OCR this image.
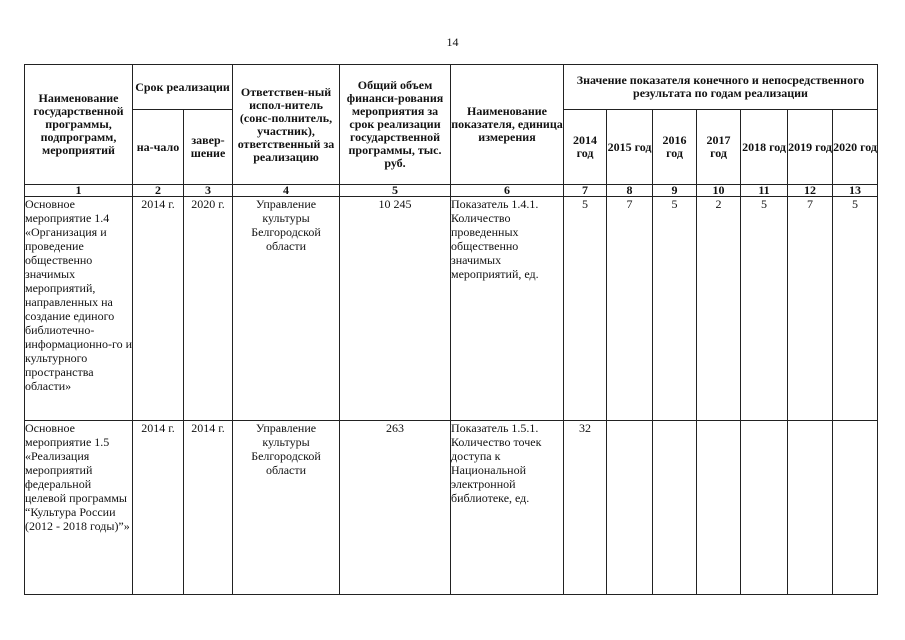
14
Наименование государственной программы, подпрограмм, мероприятий	Срок реализации		Ответствен-ный испол-нитель (сонс-полнитель, участник), ответственный за реализацию	Общий объем финанси-рования мероприятия за срок реализации государственной программы, тыс. руб.	Наименование показателя, единица измерения	Значение показателя конечного и непосредственного результата по годам реализации						
	на-чало	завер-шение				2014 год	2015 год	2016 год	2017 год	2018 год	2019 год	2020 год
1	2	3	4	5	6	7	8	9	10	11	12	13
Основное мероприятие 1.4 «Организация и проведение общественно значимых мероприятий, направленных на создание единого библиотечно-информационно-го и культурного пространства области»	2014 г.	2020 г.	Управление культуры Белгородской области	10 245	Показатель 1.4.1. Количество проведенных общественно значимых мероприятий, ед.	5	7	5	2	5	7	5
Основное мероприятие 1.5 «Реализация мероприятий федеральной целевой программы “Культура России (2012 - 2018 годы)”»	2014 г.	2014 г.	Управление культуры Белгородской области	263	Показатель 1.5.1. Количество точек доступа к Национальной электронной библиотеке, ед.	32						
